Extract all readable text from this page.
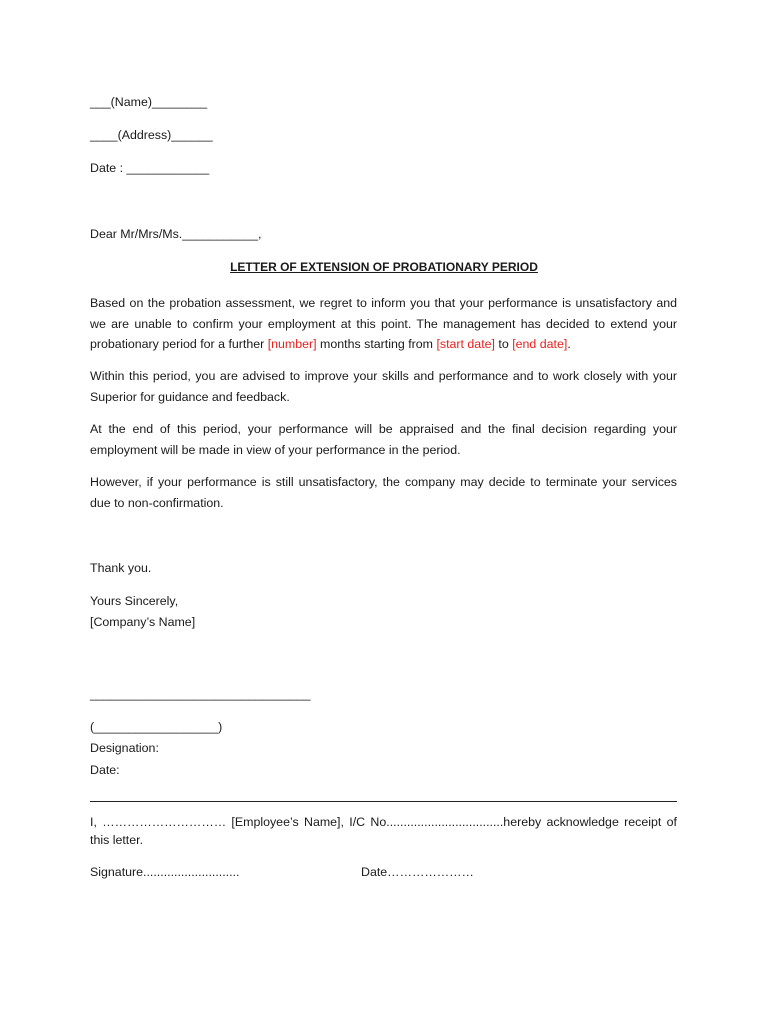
___(Name)________
____(Address)______
Date : ____________
Dear Mr/Mrs/Ms.___________,
LETTER OF EXTENSION OF PROBATIONARY PERIOD
Based on the probation assessment, we regret to inform you that your performance is unsatisfactory and we are unable to confirm your employment at this point. The management has decided to extend your probationary period for a further [number] months starting from [start date] to [end date].
Within this period, you are advised to improve your skills and performance and to work closely with your Superior for guidance and feedback.
At the end of this period, your performance will be appraised and the final decision regarding your employment will be made in view of your performance in the period.
However, if your performance is still unsatisfactory, the company may decide to terminate your services due to non-confirmation.
Thank you.
Yours Sincerely,
[Company’s Name]
________________________________
(__________________)
Designation:
Date:
I, ………………………… [Employee’s Name], I/C No..................................hereby acknowledge receipt of this letter.
Signature............................	Date…………………
